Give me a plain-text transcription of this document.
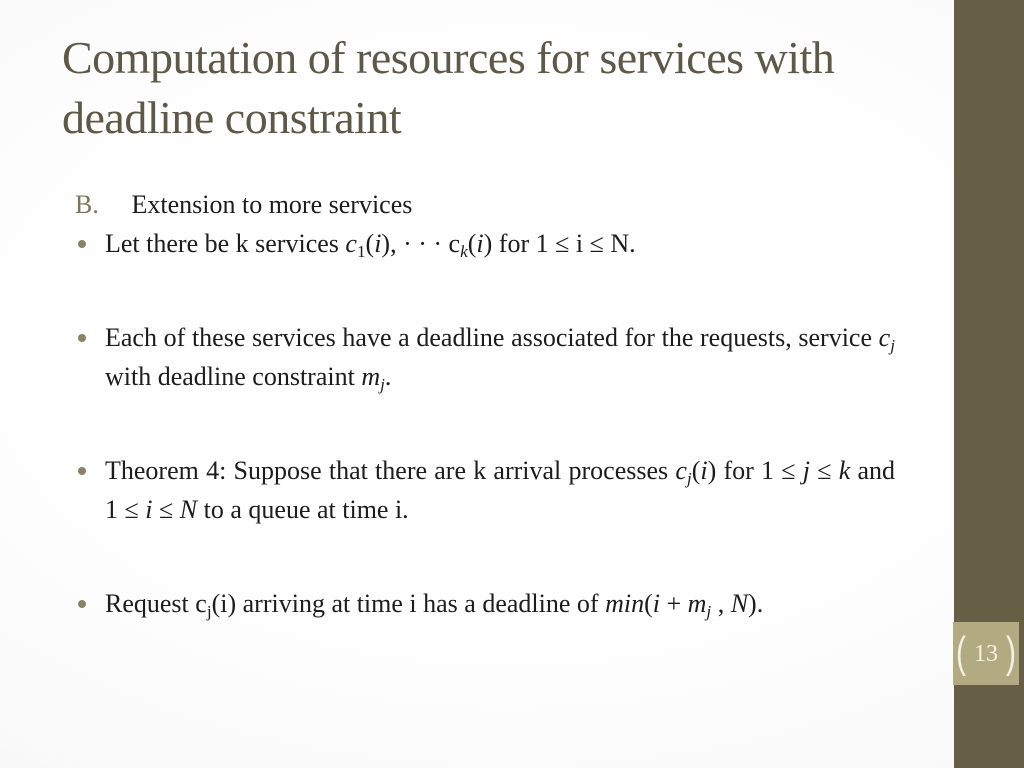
( 13 )
Computation of resources for services with
deadline constraint

B. Extension to more services

Let there be k services $c_1(i)$, · · · $c_k(i)$ for 1 ≤ i ≤ N.
Each of these services have a deadline associated for the requests, service $c_j$ with deadline constraint $m_j$.
Theorem 4: Suppose that there are k arrival processes $c_j(i)$ for 1 ≤ j ≤ k and 1 ≤ i ≤ N to a queue at time i.
Request $c_j(i)$ arriving at time i has a deadline of $\min(i + m_j$ , N).
